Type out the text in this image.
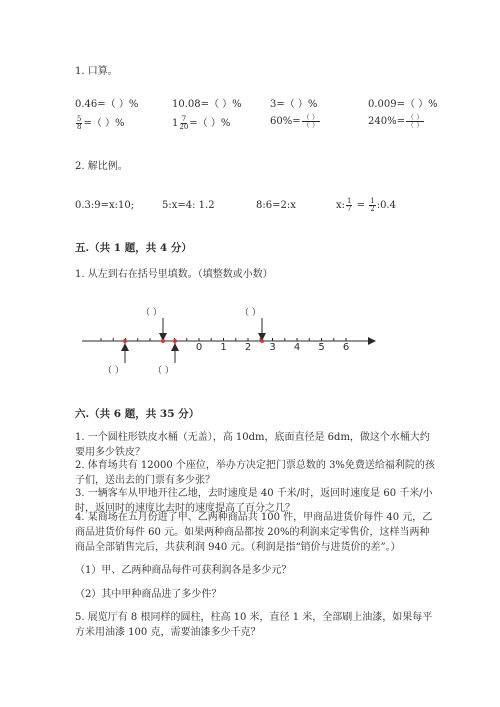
1. 口算。
0.46=（ ）%	10.08=（ ）%	3=（ ）%	0.009=（ ）%
$\frac{5}{8}$ =（ ）%	$1 \frac{7}{20}$ =（ ）%	$60\%= \frac{( )}{( )}$	$240\%= \frac{( )}{( )}$
2. 解比例。
0.3:9=x:10;	5:x=4: 1.2	8:6=2:x	x: $\frac{1}{7} = \frac{1}{2}$ :0.4
五.（共 1 题，共 4 分）
1. 从左到右在括号里填数。（填整数或小数）
0 1 2 3 4 5 6
（ ）	（ ）
（ ）	（ ）
六.（共 6 题，共 35 分）
1. 一个圆柱形铁皮水桶（无盖），高 10dm，底面直径是 6dm，做这个水桶大约要用多少铁皮？
2. 体育场共有 12000 个座位，举办方决定把门票总数的 3%免费送给福利院的孩子们，送出去的门票有多少张？
3. 一辆客车从甲地开往乙地，去时速度是 40 千米/时，返回时速度是 60 千米/小时，返回时的速度比去时的速度提高了百分之几？
4. 某商场在五月份进了甲、乙两种商品共 100 件，甲商品进货价每件 40 元，乙商品进货价每件 60 元。如果两种商品都按 20%的利润来定零售价，这样当两种商品全部销售完后，共获利润 940 元。（利润是指“销价与进货价的差”。）
（1）甲、乙两种商品每件可获利润各是多少元？
（2）其中甲种商品进了多少件？
5. 展览厅有 8 根同样的圆柱，柱高 10 米，直径 1 米，全部刷上油漆，如果每平方米用油漆 100 克，需要油漆多少千克？
